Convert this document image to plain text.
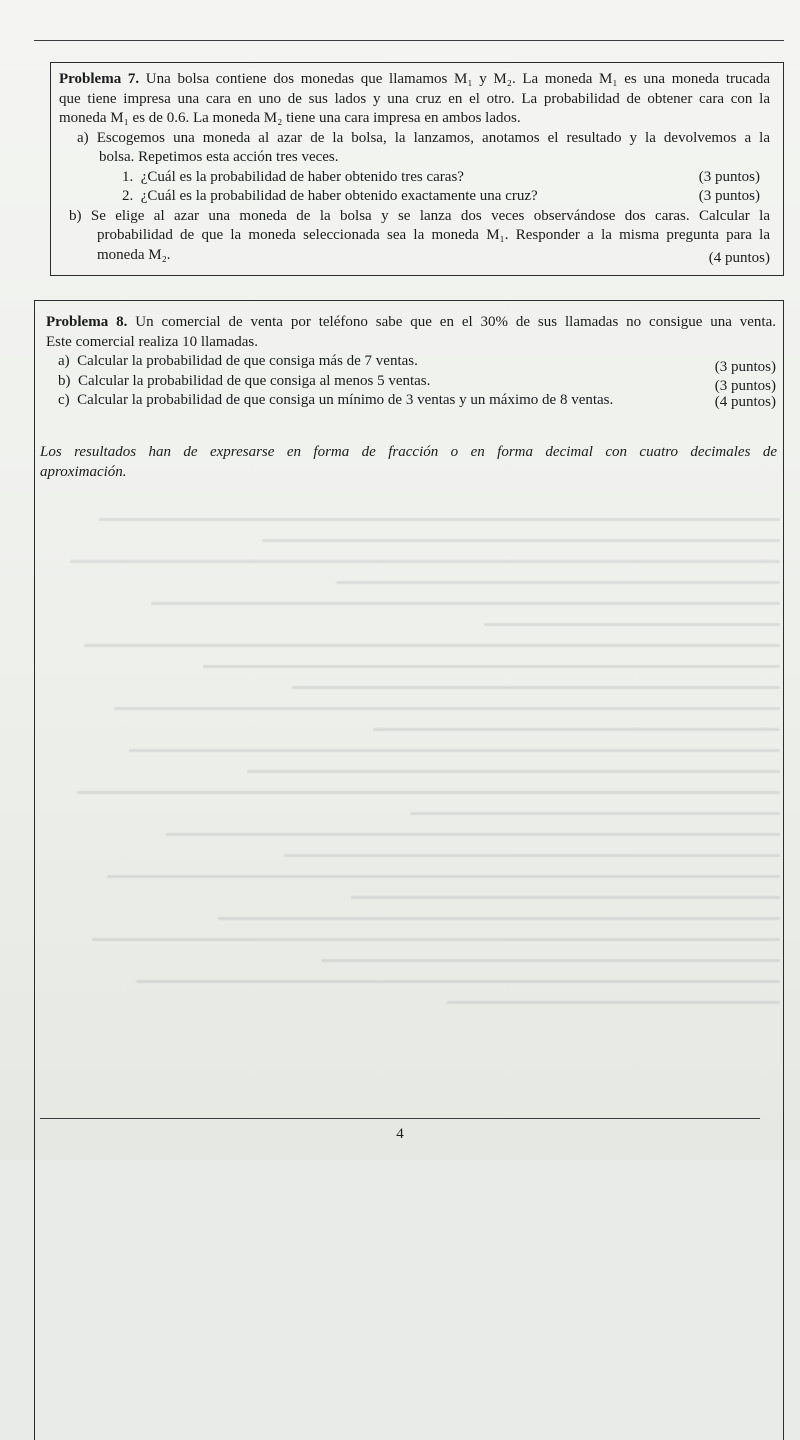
Problema 7. Una bolsa contiene dos monedas que llamamos M₁ y M₂. La moneda M₁ es una moneda trucada
que tiene impresa una cara en uno de sus lados y una cruz en el otro. La probabilidad de obtener cara con la
moneda M₁ es de 0.6. La moneda M₂ tiene una cara impresa en ambos lados.
a) Escogemos una moneda al azar de la bolsa, la lanzamos, anotamos el resultado y la devolvemos a la
bolsa. Repetimos esta acción tres veces.
1. ¿Cuál es la probabilidad de haber obtenido tres caras?	(3 puntos)
2. ¿Cuál es la probabilidad de haber obtenido exactamente una cruz?	(3 puntos)
b) Se elige al azar una moneda de la bolsa y se lanza dos veces observándose dos caras. Calcular la
probabilidad de que la moneda seleccionada sea la moneda M₁. Responder a la misma pregunta para la
moneda M₂.	(4 puntos)
Problema 8. Un comercial de venta por teléfono sabe que en el 30% de sus llamadas no consigue una venta.
Este comercial realiza 10 llamadas.
a) Calcular la probabilidad de que consiga más de 7 ventas.	(3 puntos)
b) Calcular la probabilidad de que consiga al menos 5 ventas.	(3 puntos)
c) Calcular la probabilidad de que consiga un mínimo de 3 ventas y un máximo de 8 ventas.	(4 puntos)
Los resultados han de expresarse en forma de fracción o en forma decimal con cuatro decimales de
aproximación.
4
